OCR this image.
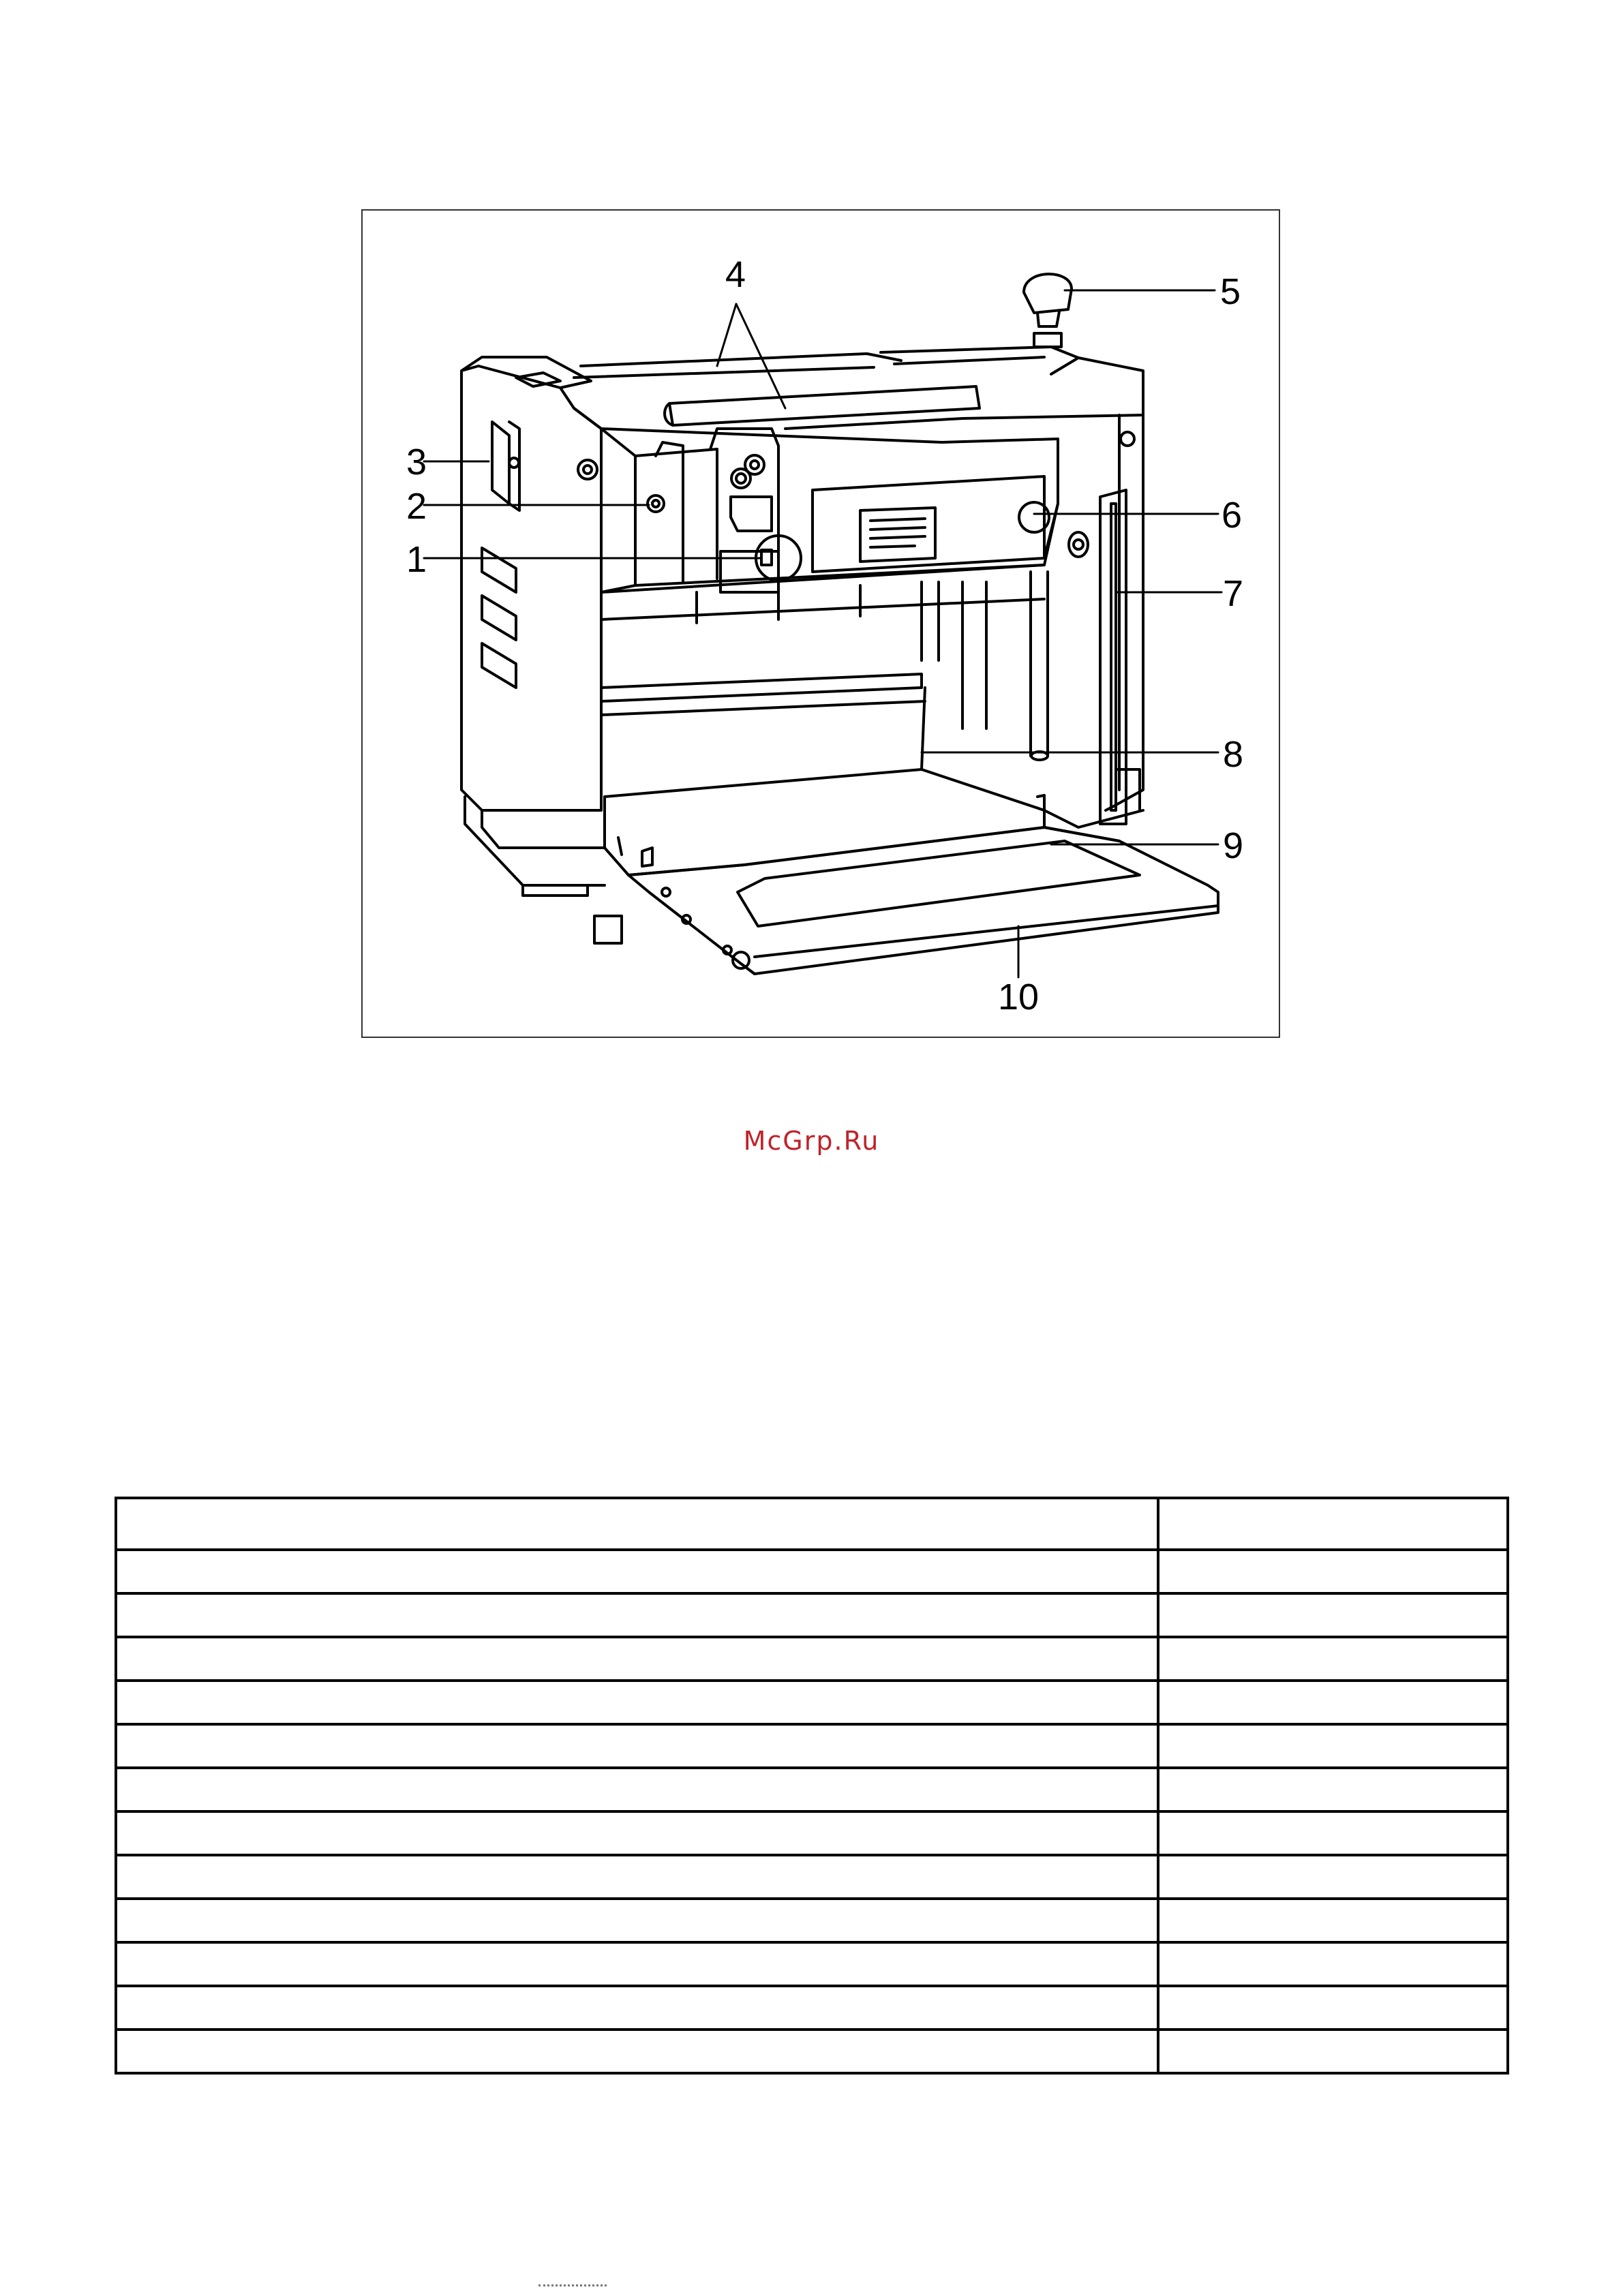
3
2
1
4	5
6
7
8
9
10
McGrp.Ru
